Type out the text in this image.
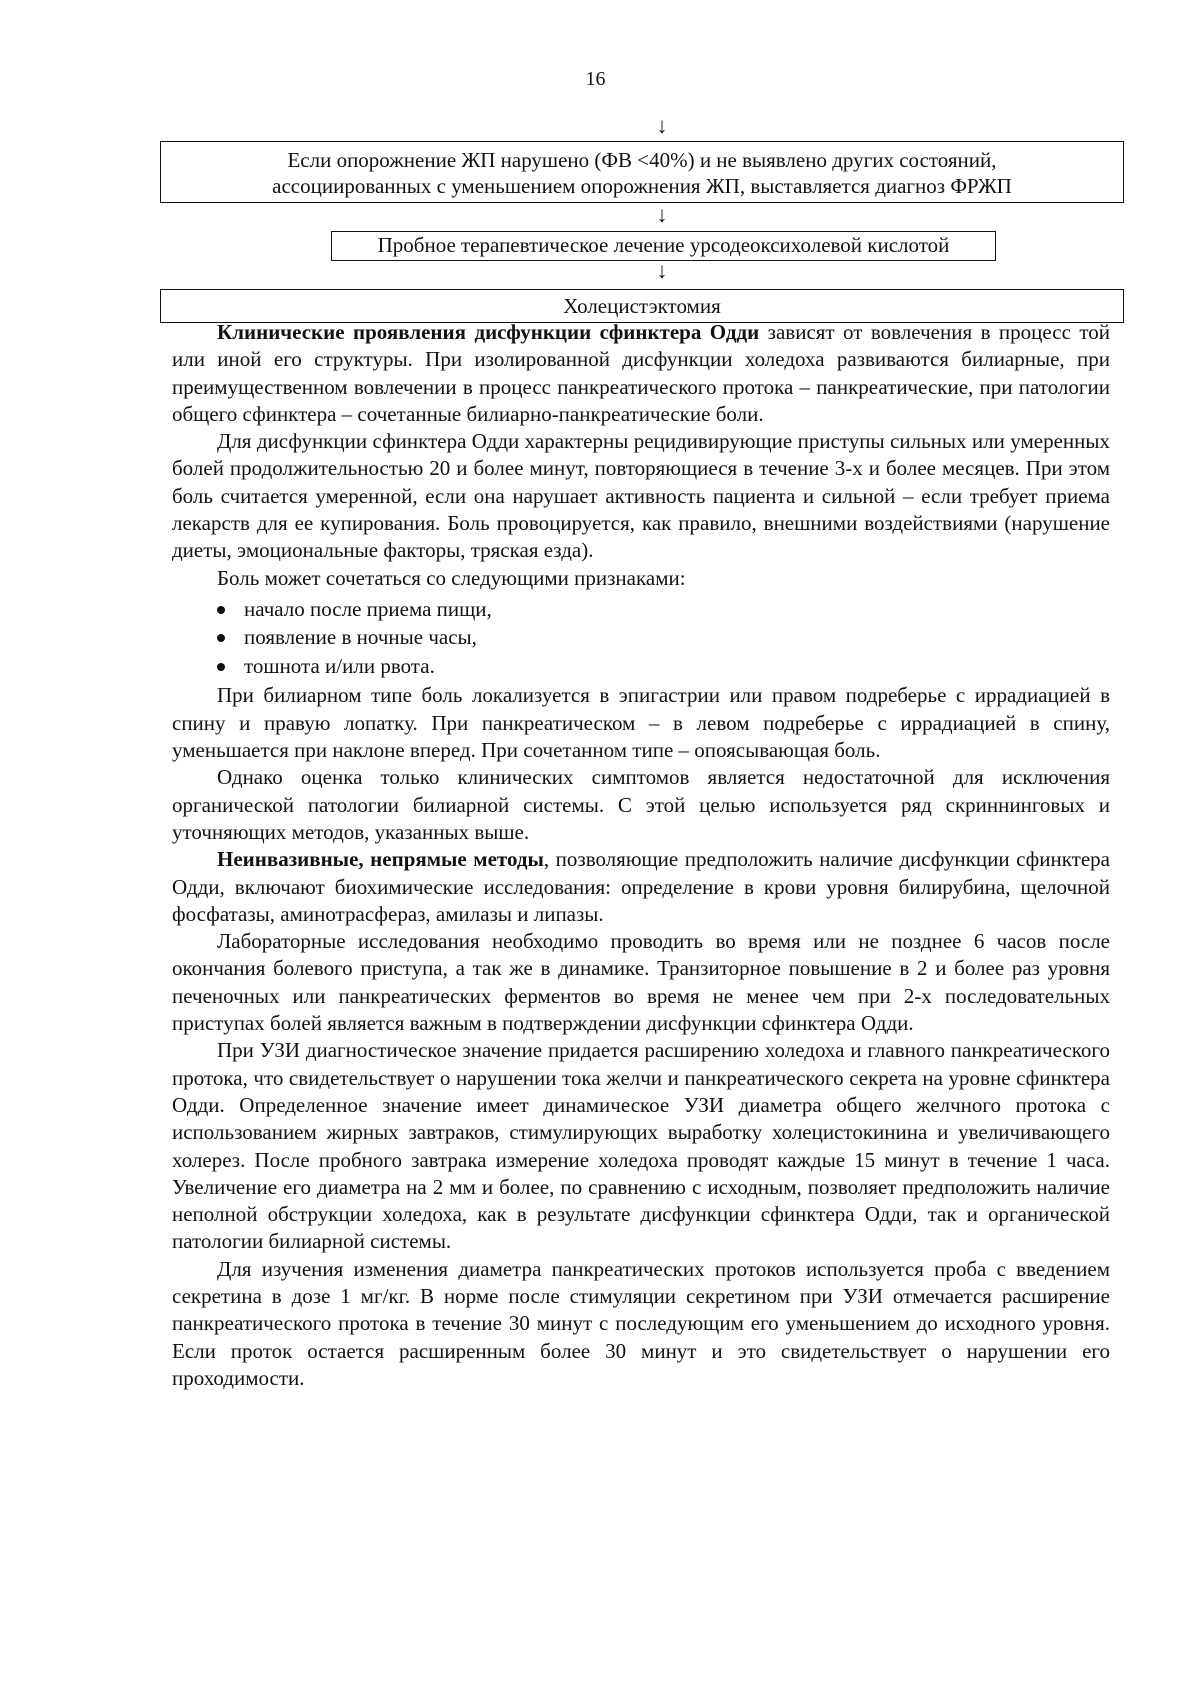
16
↓
Если опорожнение ЖП нарушено (ФВ <40%) и не выявлено других состояний,
ассоциированных с уменьшением опорожнения ЖП, выставляется диагноз ФРЖП
↓
Пробное терапевтическое лечение урсодеоксихолевой кислотой
↓
Холецистэктомия

Клинические проявления дисфункции сфинктера Одди зависят от вовлечения в процесс той или иной его структуры. При изолированной дисфункции холедоха развиваются билиарные, при преимущественном вовлечении в процесс панкреатического протока – панкреатические, при патологии общего сфинктера – сочетанные билиарно-панкреатические боли.

Для дисфункции сфинктера Одди характерны рецидивирующие приступы сильных или умеренных болей продолжительностью 20 и более минут, повторяющиеся в течение 3-х и более месяцев. При этом боль считается умеренной, если она нарушает активность пациента и сильной – если требует приема лекарств для ее купирования. Боль провоцируется, как правило, внешними воздействиями (нарушение диеты, эмоциональные факторы, тряская езда).

Боль может сочетаться со следующими признаками:

начало после приема пищи,
появление в ночные часы,
тошнота и/или рвота.

При билиарном типе боль локализуется в эпигастрии или правом подреберье с иррадиацией в спину и правую лопатку. При панкреатическом – в левом подреберье с иррадиацией в спину, уменьшается при наклоне вперед. При сочетанном типе – опоясывающая боль.

Однако оценка только клинических симптомов является недостаточной для исключения органической патологии билиарной системы. С этой целью используется ряд скриннинговых и уточняющих методов, указанных выше.

Неинвазивные, непрямые методы, позволяющие предположить наличие дисфункции сфинктера Одди, включают биохимические исследования: определение в крови уровня билирубина, щелочной фосфатазы, аминотрасфераз, амилазы и липазы.

Лабораторные исследования необходимо проводить во время или не позднее 6 часов после окончания болевого приступа, а так же в динамике. Транзиторное повышение в 2 и более раз уровня печеночных или панкреатических ферментов во время не менее чем при 2-х последовательных приступах болей является важным в подтверждении дисфункции сфинктера Одди.

При УЗИ диагностическое значение придается расширению холедоха и главного панкреатического протока, что свидетельствует о нарушении тока желчи и панкреатического секрета на уровне сфинктера Одди. Определенное значение имеет динамическое УЗИ диаметра общего желчного протока с использованием жирных завтраков, стимулирующих выработку холецистокинина и увеличивающего холерез. После пробного завтрака измерение холедоха проводят каждые 15 минут в течение 1 часа. Увеличение его диаметра на 2 мм и более, по сравнению с исходным, позволяет предположить наличие неполной обструкции холедоха, как в результате дисфункции сфинктера Одди, так и органической патологии билиарной системы.

Для изучения изменения диаметра панкреатических протоков используется проба с введением секретина в дозе 1 мг/кг. В норме после стимуляции секретином при УЗИ отмечается расширение панкреатического протока в течение 30 минут с последующим его уменьшением до исходного уровня. Если проток остается расширенным более 30 минут и это свидетельствует о нарушении его проходимости.
